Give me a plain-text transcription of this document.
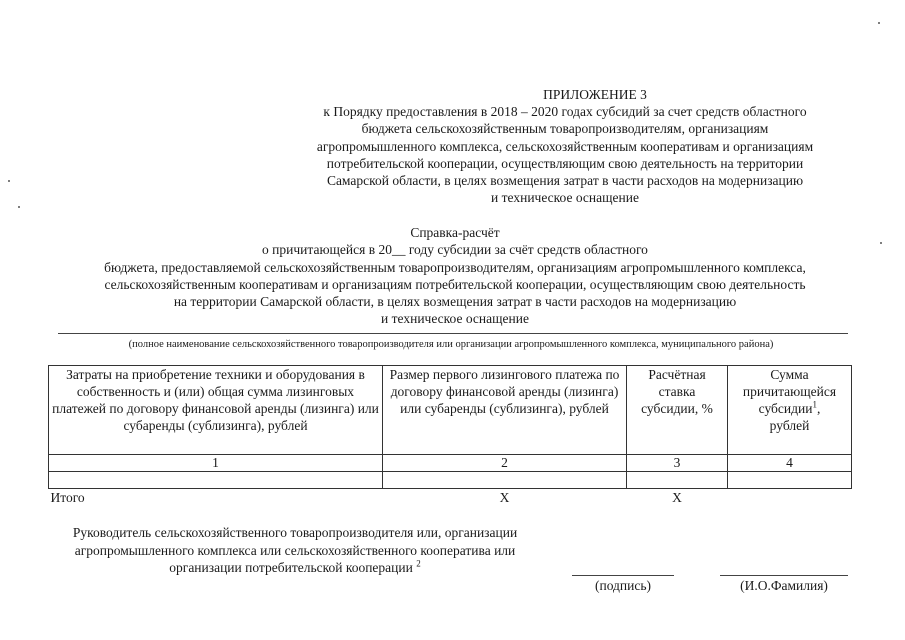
ПРИЛОЖЕНИЕ 3
к Порядку предоставления в 2018 – 2020 годах субсидий за счет средств областного
бюджета сельскохозяйственным товаропроизводителям, организациям
агропромышленного комплекса, сельскохозяйственным кооперативам и организациям
потребительской кооперации, осуществляющим свою деятельность на территории
Самарской области, в целях возмещения затрат в части расходов на модернизацию
и техническое оснащение
Справка-расчёт
о причитающейся в 20__ году субсидии за счёт средств областного
бюджета, предоставляемой сельскохозяйственным товаропроизводителям, организациям агропромышленного комплекса,
сельскохозяйственным кооперативам и организациям потребительской кооперации, осуществляющим свою деятельность
на территории Самарской области, в целях возмещения затрат в части расходов на модернизацию
и техническое оснащение
(полное наименование сельскохозяйственного товаропроизводителя или организации агропромышленного комплекса, муниципального района)
Затраты на приобретение техники и оборудования в собственность и (или) общая сумма лизинговых платежей по договору финансовой аренды (лизинга) или субаренды (сублизинга), рублей	Размер первого лизингового платежа по договору финансовой аренды (лизинга) или субаренды (сублизинга), рублей	Расчётная ставка субсидии, %	Сумма причитающейся субсидии$^1$,
рублей
1	2	3	4

Итого	X	X	
Руководитель сельскохозяйственного товаропроизводителя или, организации агропромышленного комплекса или сельскохозяйственного кооператива или организации потребительской кооперации $^2$
(подпись)	(И.О.Фамилия)
